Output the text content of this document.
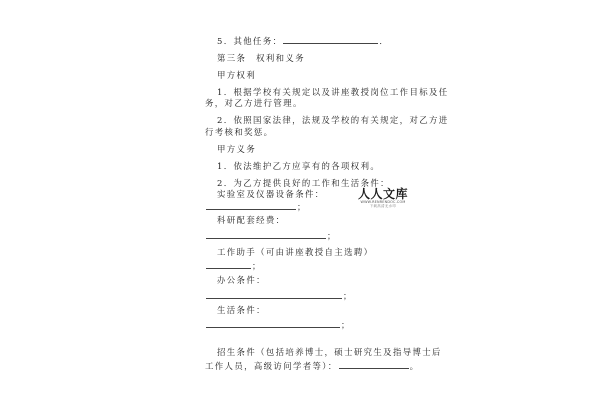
5．其他任务：	．
第三条　权利和义务
甲方权利
1．根据学校有关规定以及讲座教授岗位工作目标及任
务，对乙方进行管理。
2．依照国家法律，法规及学校的有关规定，对乙方进
行考核和奖惩。
甲方义务
1．依法维护乙方应享有的各项权利。
2．为乙方提供良好的工作和生活条件：
实验室及仪器设备条件：
；
科研配套经费：
；
工作助手（可由讲座教授自主选聘）
；
办公条件：
；
生活条件：
；
招生条件（包括培养博士，硕士研究生及指导博士后
工作人员，高级访问学者等）：	。
人人文库
WWW.RENRENDOC.COM
下载高清无水印
